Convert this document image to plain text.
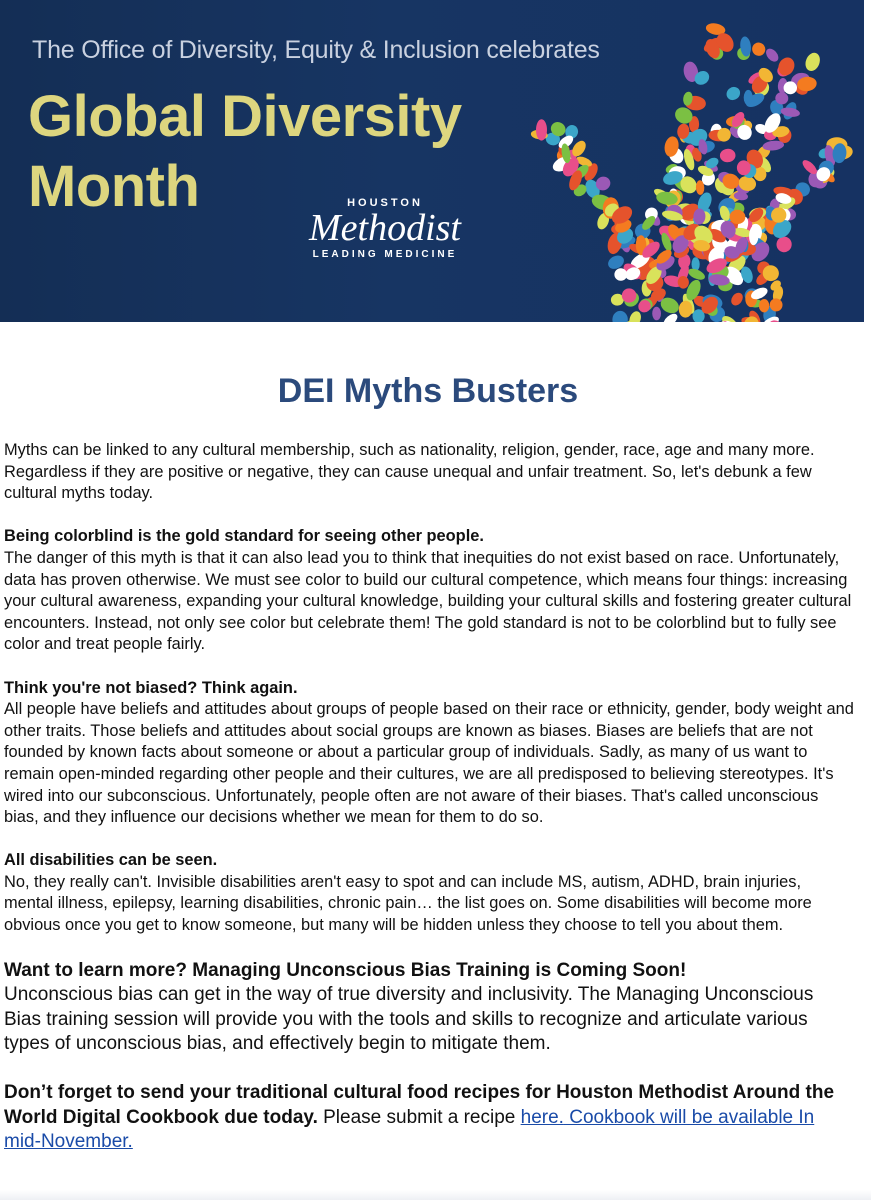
The Office of Diversity, Equity & Inclusion celebrates
Global Diversity Month	HOUSTON
Methodist
LEADING MEDICINE
DEI Myths Busters

Myths can be linked to any cultural membership, such as nationality, religion, gender, race, age and many more. Regardless if they are positive or negative, they can cause unequal and unfair treatment. So, let's debunk a few cultural myths today.

Being colorblind is the gold standard for seeing other people.

The danger of this myth is that it can also lead you to think that inequities do not exist based on race. Unfortunately, data has proven otherwise. We must see color to build our cultural competence, which means four things: increasing your cultural awareness, expanding your cultural knowledge, building your cultural skills and fostering greater cultural encounters. Instead, not only see color but celebrate them! The gold standard is not to be colorblind but to fully see color and treat people fairly.

Think you're not biased? Think again.

All people have beliefs and attitudes about groups of people based on their race or ethnicity, gender, body weight and other traits. Those beliefs and attitudes about social groups are known as biases. Biases are beliefs that are not founded by known facts about someone or about a particular group of individuals. Sadly, as many of us want to remain open-minded regarding other people and their cultures, we are all predisposed to believing stereotypes. It's wired into our subconscious. Unfortunately, people often are not aware of their biases. That's called unconscious bias, and they influence our decisions whether we mean for them to do so.

All disabilities can be seen.

No, they really can't. Invisible disabilities aren't easy to spot and can include MS, autism, ADHD, brain injuries, mental illness, epilepsy, learning disabilities, chronic pain… the list goes on. Some disabilities will become more obvious once you get to know someone, but many will be hidden unless they choose to tell you about them.

Want to learn more? Managing Unconscious Bias Training is Coming Soon!

Unconscious bias can get in the way of true diversity and inclusivity. The Managing Unconscious Bias training session will provide you with the tools and skills to recognize and articulate various types of unconscious bias, and effectively begin to mitigate them.

Don’t forget to send your traditional cultural food recipes for Houston Methodist Around the World Digital Cookbook due today. Please submit a recipe here. Cookbook will be available In mid-November.
